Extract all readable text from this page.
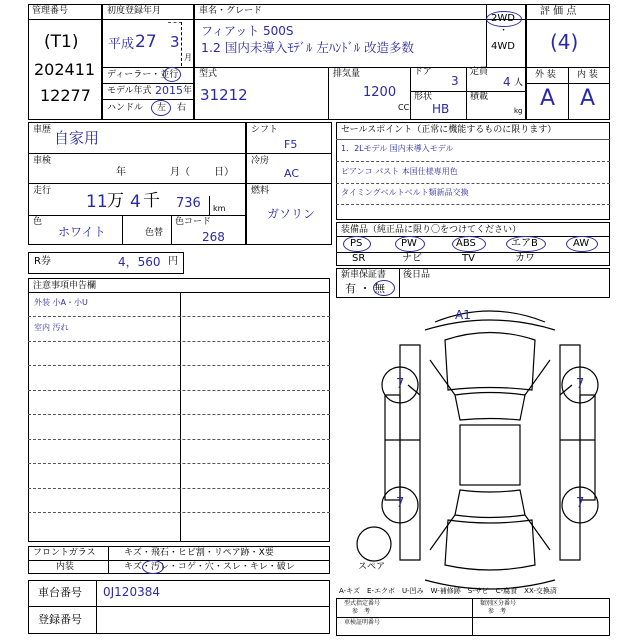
管理番号
(T1)
202411
12277
初度登録年月
平成 27 3
月
ディーラー・並行
モデル年式 2015 年
ハンドル 左 右
車名・グレード
フィアット 500S
1.2 国内未導入ﾓﾃﾞﾙ 左ﾊﾝﾄﾞﾙ 改造多数
2WD
・
4WD
型式
31212
排気量
1200
CC
ドア
3
定員
4 人
形状
HB
積載
kg
評 価 点
(4)
外 装 内 装
A A
車歴 自家用
車検
年	月（ 日）
走行
11 万 4 千 736 km
色
ホワイト	色替
色コード
268
シフト
F5
冷房
AC
燃料
ガソリン
セールスポイント（正常に機能するものに限ります）
1．2Lモデル 国内未導入モデル
ピアンコ パスト 本国仕様専用色
タイミングベルトベルト類新品交換
装備品（純正品に限り〇をつけてください）
PS	PW	ABS	エアB	AW
SR	ナビ	TV	カワ
R券	4，560 円
新車保証書
有 ・ 無
後日品
注意事項申告欄
外装 小A・小U
室内 汚れ
A1
7	7
7	7
スペア
フロントガラス	キズ・飛石・ヒビ割・リペア跡・X要
内装	キズ・汚レ・コゲ・穴・スレ・キレ・破レ
車台番号 0J120384
登録番号
A-キズ　E-エクボ　U-凹み　W-補修跡　S-サビ　C-腐食　XX-交換済
型式指定番号
参　考
類別区分番号
参　考
車検証明番号
